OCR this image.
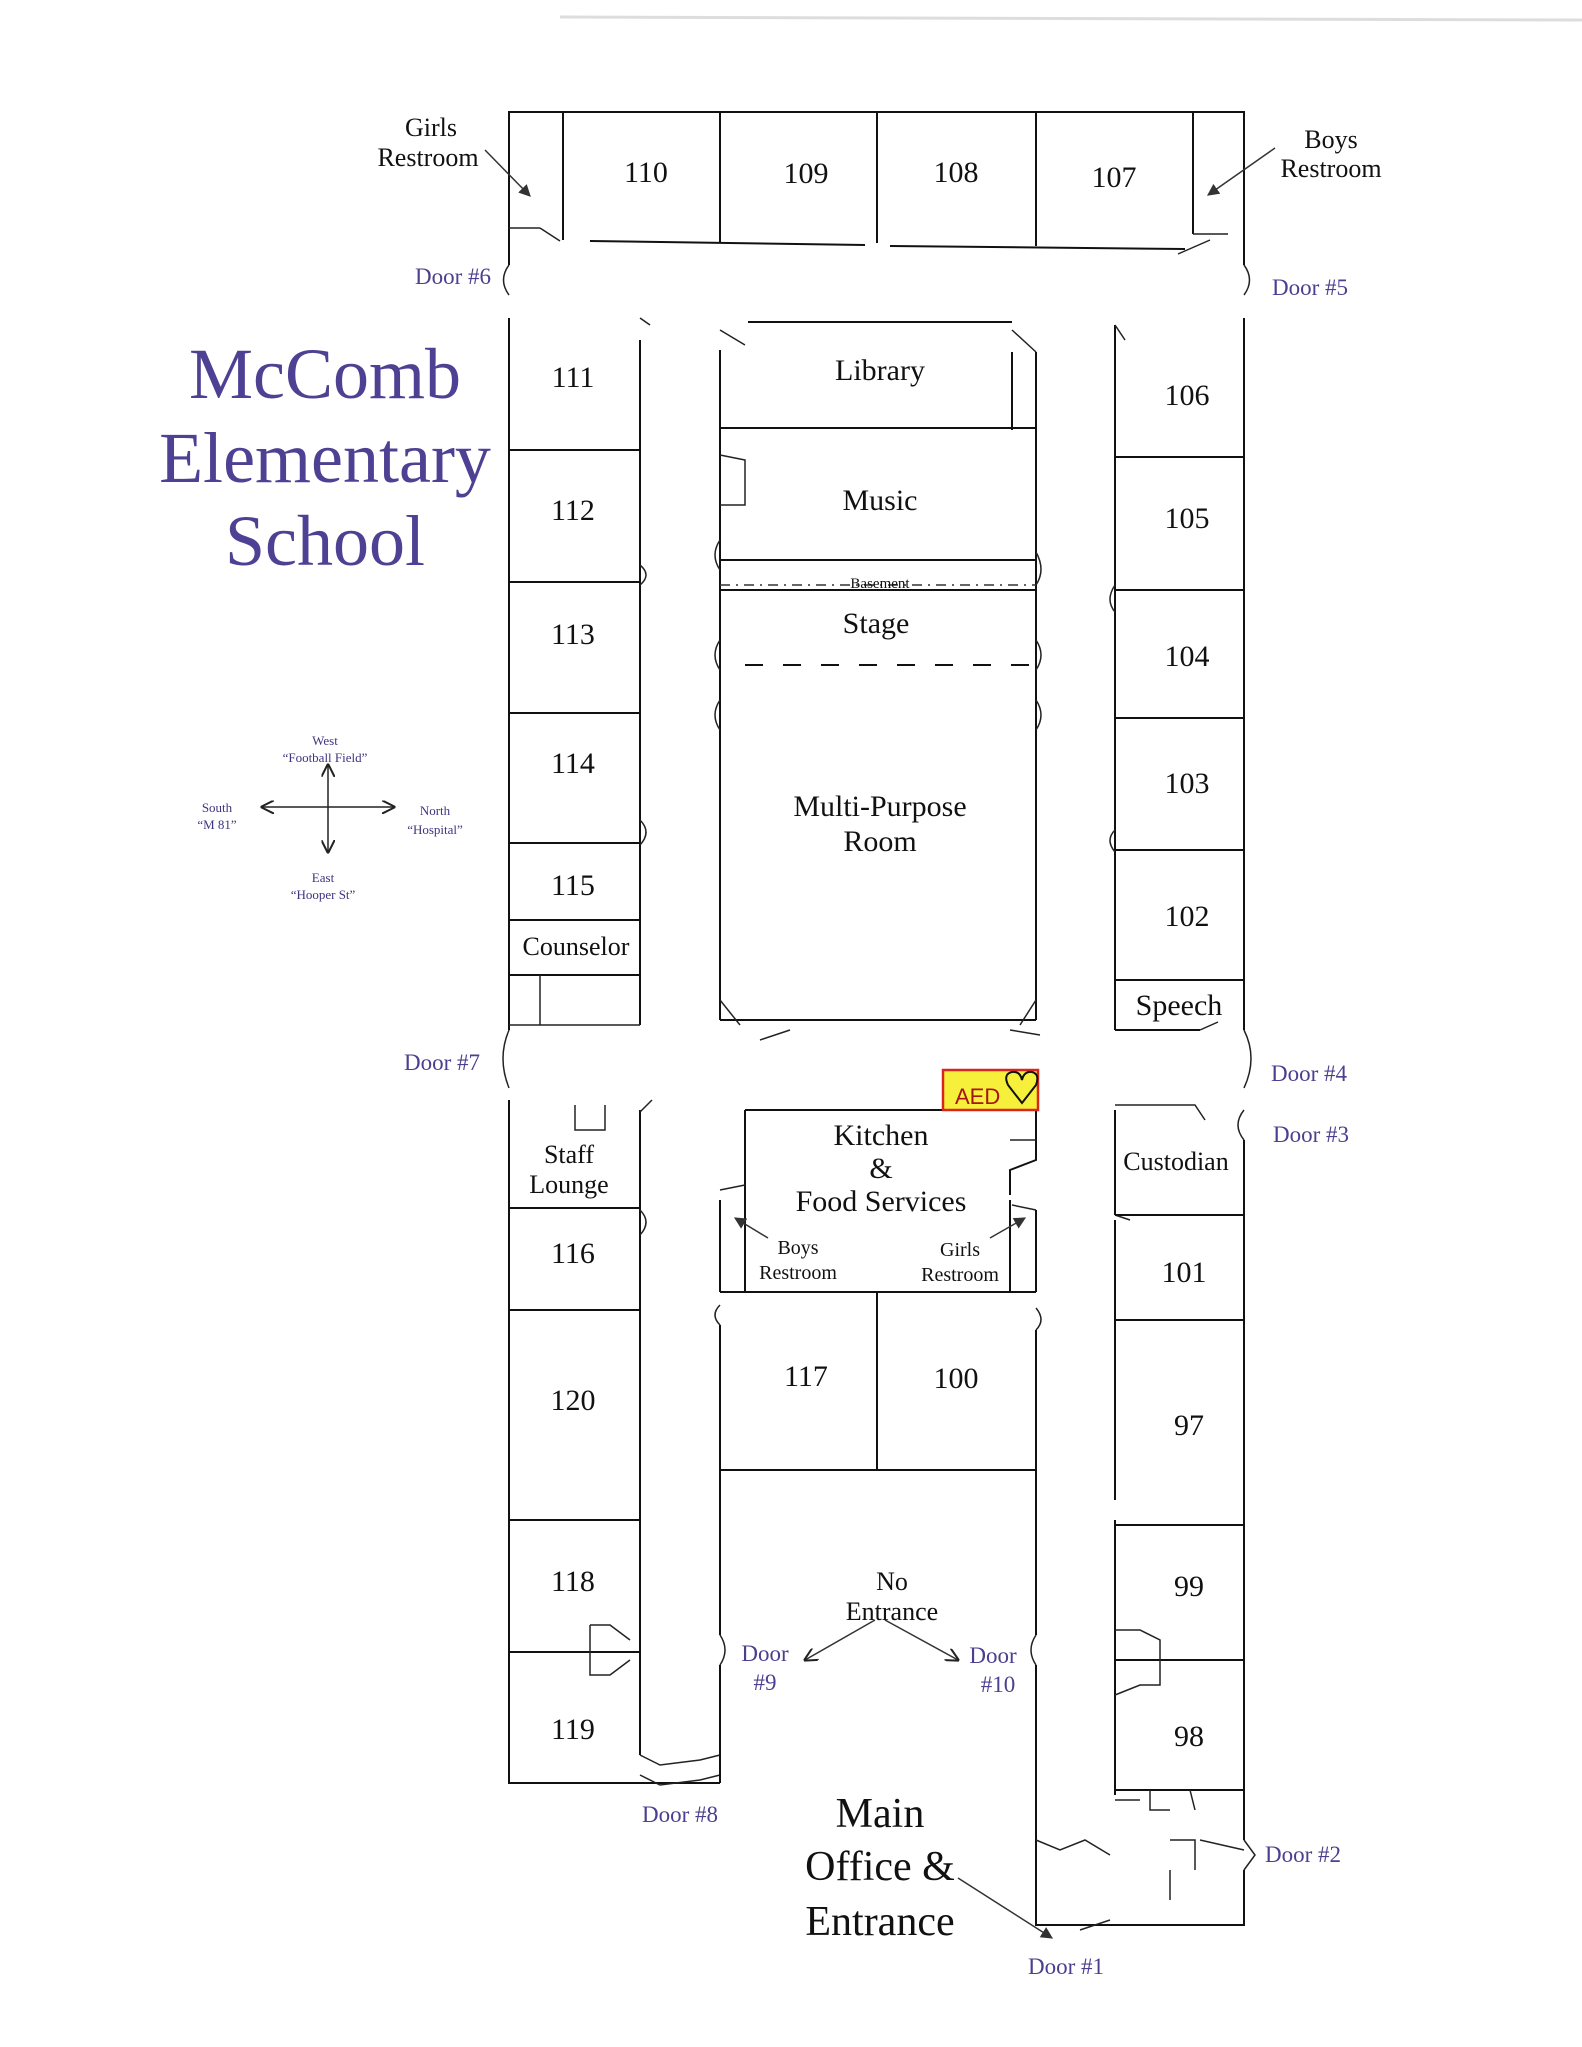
McComb
Elementary
School
West
“Football Field”
South
“M 81”
North
“Hospital”
East
“Hooper St”
AED
110	109	108	107
111
112
113
114
115
Counselor
Staff
Lounge
116
120
118
119
106
105
104
103
102
Speech
Custodian
101
97
99
98
Library
Music
Basement
Stage
Multi-Purpose
Room
Kitchen
&
Food Services
117	100
No
Entrance
Main
Office &
Entrance
Girls
Restroom
Boys
Restroom
Boys
Restroom
Girls
Restroom
Door #6	Door #5
Door #7	Door #4
Door #3
Door
#9
Door
#10
Door #8
Door #2
Door #1
